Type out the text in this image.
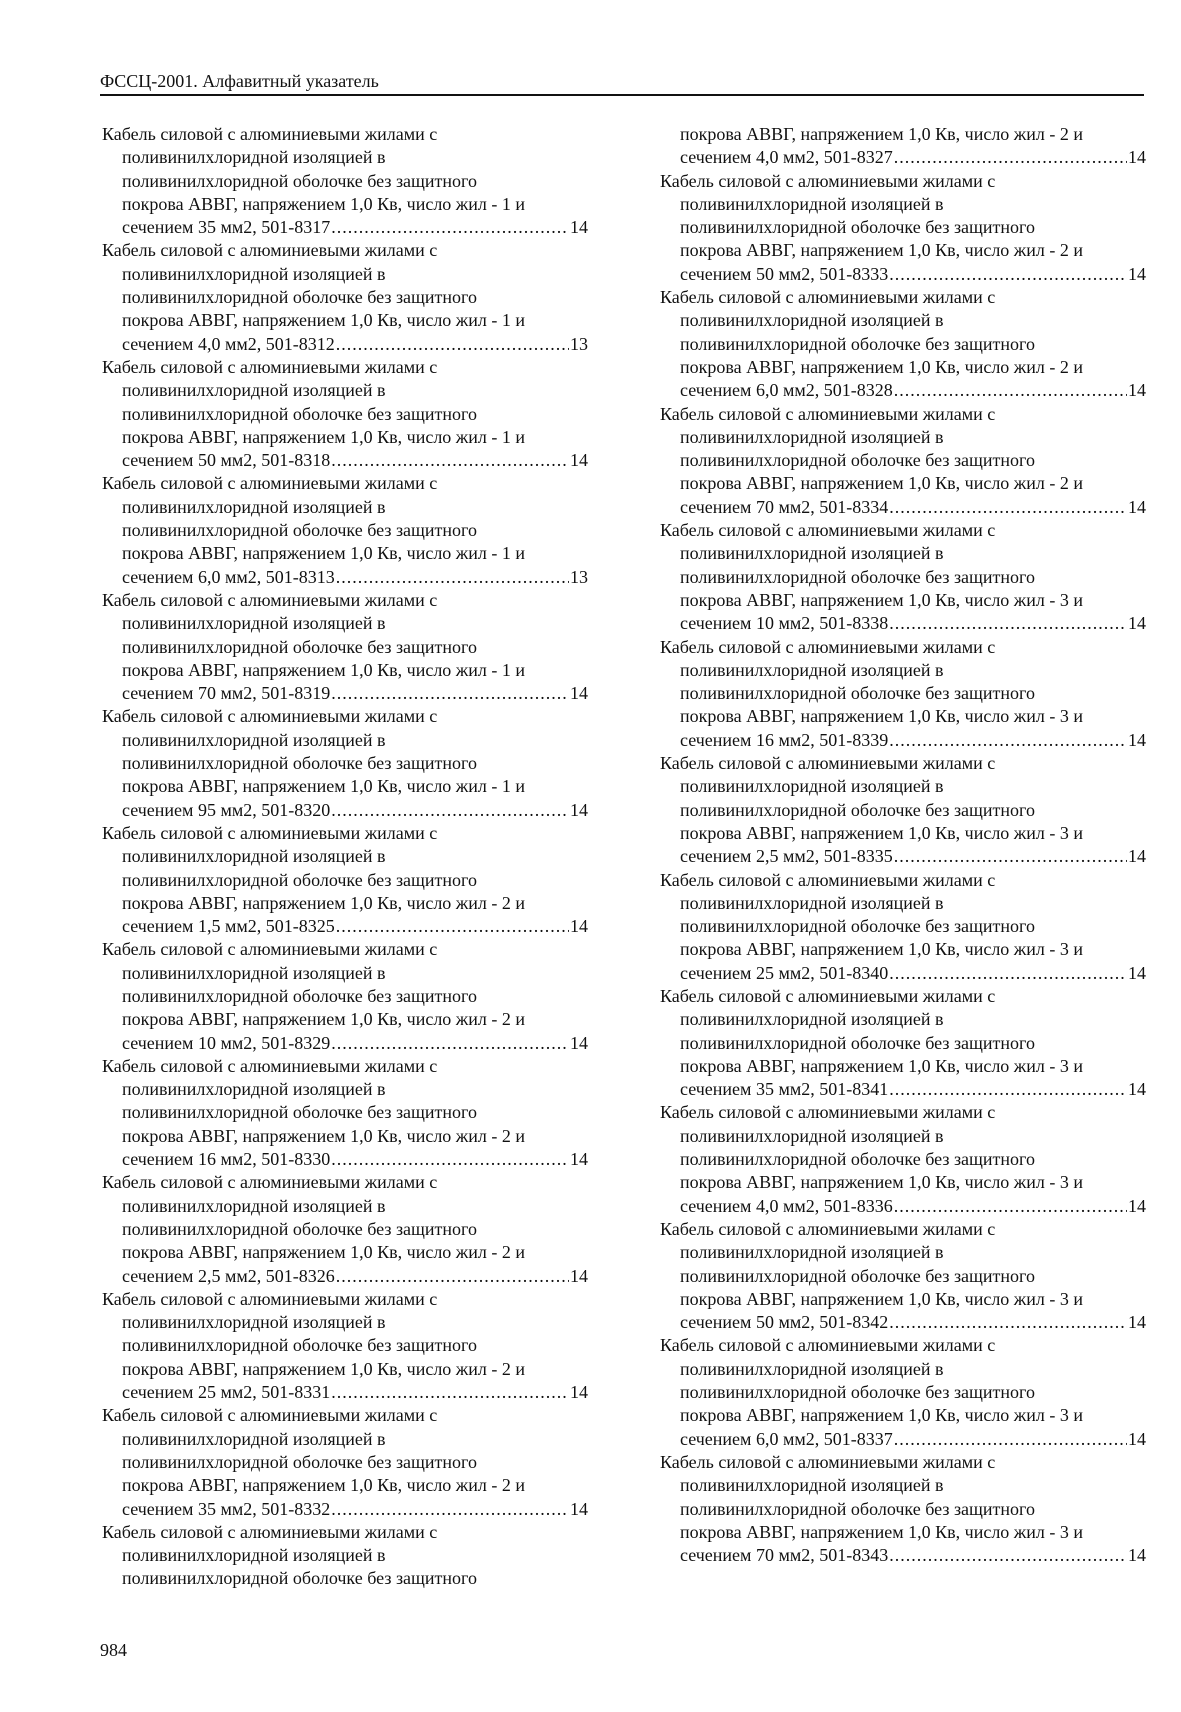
ФССЦ-2001. Алфавитный указатель
Кабель силовой с алюминиевыми жилами с
поливинилхлоридной изоляцией в
поливинилхлоридной оболочке без защитного
покрова АВВГ, напряжением 1,0 Кв, число жил - 1 и
сечением 35 мм2, 501-8317 .....	14
Кабель силовой с алюминиевыми жилами с
поливинилхлоридной изоляцией в
поливинилхлоридной оболочке без защитного
покрова АВВГ, напряжением 1,0 Кв, число жил - 1 и
сечением 4,0 мм2, 501-8312 .....	13
Кабель силовой с алюминиевыми жилами с
поливинилхлоридной изоляцией в
поливинилхлоридной оболочке без защитного
покрова АВВГ, напряжением 1,0 Кв, число жил - 1 и
сечением 50 мм2, 501-8318 .....	14
Кабель силовой с алюминиевыми жилами с
поливинилхлоридной изоляцией в
поливинилхлоридной оболочке без защитного
покрова АВВГ, напряжением 1,0 Кв, число жил - 1 и
сечением 6,0 мм2, 501-8313 .....	13
Кабель силовой с алюминиевыми жилами с
поливинилхлоридной изоляцией в
поливинилхлоридной оболочке без защитного
покрова АВВГ, напряжением 1,0 Кв, число жил - 1 и
сечением 70 мм2, 501-8319 .....	14
Кабель силовой с алюминиевыми жилами с
поливинилхлоридной изоляцией в
поливинилхлоридной оболочке без защитного
покрова АВВГ, напряжением 1,0 Кв, число жил - 1 и
сечением 95 мм2, 501-8320 .....	14
Кабель силовой с алюминиевыми жилами с
поливинилхлоридной изоляцией в
поливинилхлоридной оболочке без защитного
покрова АВВГ, напряжением 1,0 Кв, число жил - 2 и
сечением 1,5 мм2, 501-8325 .....	14
Кабель силовой с алюминиевыми жилами с
поливинилхлоридной изоляцией в
поливинилхлоридной оболочке без защитного
покрова АВВГ, напряжением 1,0 Кв, число жил - 2 и
сечением 10 мм2, 501-8329 .....	14
Кабель силовой с алюминиевыми жилами с
поливинилхлоридной изоляцией в
поливинилхлоридной оболочке без защитного
покрова АВВГ, напряжением 1,0 Кв, число жил - 2 и
сечением 16 мм2, 501-8330 .....	14
Кабель силовой с алюминиевыми жилами с
поливинилхлоридной изоляцией в
поливинилхлоридной оболочке без защитного
покрова АВВГ, напряжением 1,0 Кв, число жил - 2 и
сечением 2,5 мм2, 501-8326 .....	14
Кабель силовой с алюминиевыми жилами с
поливинилхлоридной изоляцией в
поливинилхлоридной оболочке без защитного
покрова АВВГ, напряжением 1,0 Кв, число жил - 2 и
сечением 25 мм2, 501-8331 .....	14
Кабель силовой с алюминиевыми жилами с
поливинилхлоридной изоляцией в
поливинилхлоридной оболочке без защитного
покрова АВВГ, напряжением 1,0 Кв, число жил - 2 и
сечением 35 мм2, 501-8332 .....	14
Кабель силовой с алюминиевыми жилами с
поливинилхлоридной изоляцией в
поливинилхлоридной оболочке без защитного
покрова АВВГ, напряжением 1,0 Кв, число жил - 2 и
сечением 4,0 мм2, 501-8327 .....	14
Кабель силовой с алюминиевыми жилами с
поливинилхлоридной изоляцией в
поливинилхлоридной оболочке без защитного
покрова АВВГ, напряжением 1,0 Кв, число жил - 2 и
сечением 50 мм2, 501-8333 .....	14
Кабель силовой с алюминиевыми жилами с
поливинилхлоридной изоляцией в
поливинилхлоридной оболочке без защитного
покрова АВВГ, напряжением 1,0 Кв, число жил - 2 и
сечением 6,0 мм2, 501-8328 .....	14
Кабель силовой с алюминиевыми жилами с
поливинилхлоридной изоляцией в
поливинилхлоридной оболочке без защитного
покрова АВВГ, напряжением 1,0 Кв, число жил - 2 и
сечением 70 мм2, 501-8334 .....	14
Кабель силовой с алюминиевыми жилами с
поливинилхлоридной изоляцией в
поливинилхлоридной оболочке без защитного
покрова АВВГ, напряжением 1,0 Кв, число жил - 3 и
сечением 10 мм2, 501-8338 .....	14
Кабель силовой с алюминиевыми жилами с
поливинилхлоридной изоляцией в
поливинилхлоридной оболочке без защитного
покрова АВВГ, напряжением 1,0 Кв, число жил - 3 и
сечением 16 мм2, 501-8339 .....	14
Кабель силовой с алюминиевыми жилами с
поливинилхлоридной изоляцией в
поливинилхлоридной оболочке без защитного
покрова АВВГ, напряжением 1,0 Кв, число жил - 3 и
сечением 2,5 мм2, 501-8335 .....	14
Кабель силовой с алюминиевыми жилами с
поливинилхлоридной изоляцией в
поливинилхлоридной оболочке без защитного
покрова АВВГ, напряжением 1,0 Кв, число жил - 3 и
сечением 25 мм2, 501-8340 .....	14
Кабель силовой с алюминиевыми жилами с
поливинилхлоридной изоляцией в
поливинилхлоридной оболочке без защитного
покрова АВВГ, напряжением 1,0 Кв, число жил - 3 и
сечением 35 мм2, 501-8341 .....	14
Кабель силовой с алюминиевыми жилами с
поливинилхлоридной изоляцией в
поливинилхлоридной оболочке без защитного
покрова АВВГ, напряжением 1,0 Кв, число жил - 3 и
сечением 4,0 мм2, 501-8336 .....	14
Кабель силовой с алюминиевыми жилами с
поливинилхлоридной изоляцией в
поливинилхлоридной оболочке без защитного
покрова АВВГ, напряжением 1,0 Кв, число жил - 3 и
сечением 50 мм2, 501-8342 .....	14
Кабель силовой с алюминиевыми жилами с
поливинилхлоридной изоляцией в
поливинилхлоридной оболочке без защитного
покрова АВВГ, напряжением 1,0 Кв, число жил - 3 и
сечением 6,0 мм2, 501-8337 .....	14
Кабель силовой с алюминиевыми жилами с
поливинилхлоридной изоляцией в
поливинилхлоридной оболочке без защитного
покрова АВВГ, напряжением 1,0 Кв, число жил - 3 и
сечением 70 мм2, 501-8343 .....	14
984
